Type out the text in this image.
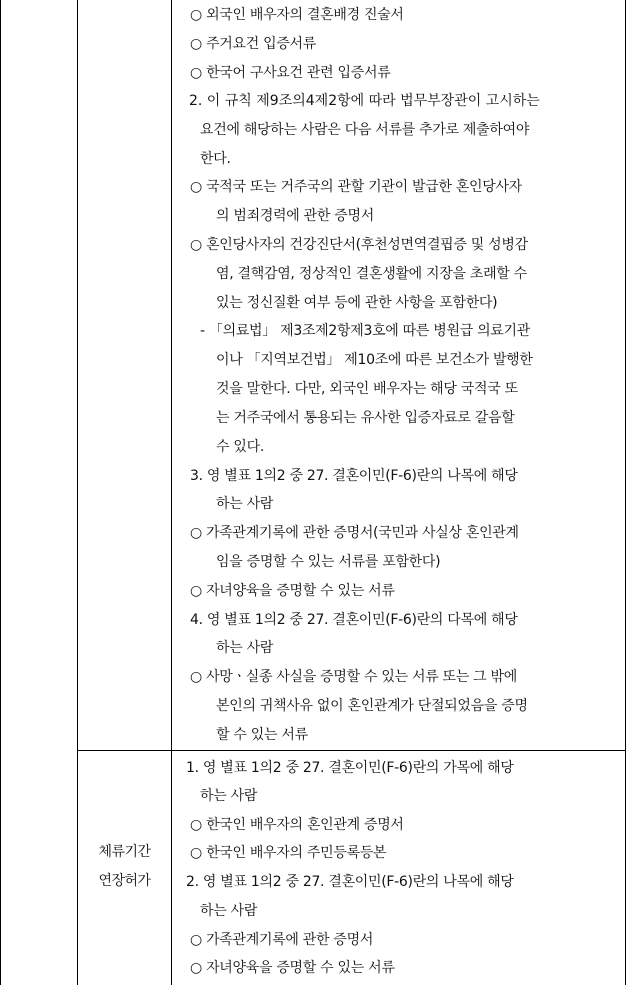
체류기간
연장허가
○ 외국인 배우자의 결혼배경 진술서
○ 주거요건 입증서류
○ 한국어 구사요건 관련 입증서류
2. 이 규칙 제9조의4제2항에 따라 법무부장관이 고시하는
요건에 해당하는 사람은 다음 서류를 추가로 제출하여야
한다.
○ 국적국 또는 거주국의 관할 기관이 발급한 혼인당사자
의 범죄경력에 관한 증명서
○ 혼인당사자의 건강진단서(후천성면역결핍증 및 성병감
염, 결핵감염, 정상적인 결혼생활에 지장을 초래할 수
있는 정신질환 여부 등에 관한 사항을 포함한다)
- 「의료법」 제3조제2항제3호에 따른 병원급 의료기관
이나 「지역보건법」 제10조에 따른 보건소가 발행한
것을 말한다. 다만, 외국인 배우자는 해당 국적국 또
는 거주국에서 통용되는 유사한 입증자료로 갈음할
수 있다.
3. 영 별표 1의2 중 27. 결혼이민(F-6)란의 나목에 해당
하는 사람
○ 가족관계기록에 관한 증명서(국민과 사실상 혼인관계
임을 증명할 수 있는 서류를 포함한다)
○ 자녀양육을 증명할 수 있는 서류
4. 영 별표 1의2 중 27. 결혼이민(F-6)란의 다목에 해당
하는 사람
○ 사망ㆍ실종 사실을 증명할 수 있는 서류 또는 그 밖에
본인의 귀책사유 없이 혼인관계가 단절되었음을 증명
할 수 있는 서류
1. 영 별표 1의2 중 27. 결혼이민(F-6)란의 가목에 해당
하는 사람
○ 한국인 배우자의 혼인관계 증명서
○ 한국인 배우자의 주민등록등본
2. 영 별표 1의2 중 27. 결혼이민(F-6)란의 나목에 해당
하는 사람
○ 가족관계기록에 관한 증명서
○ 자녀양육을 증명할 수 있는 서류
